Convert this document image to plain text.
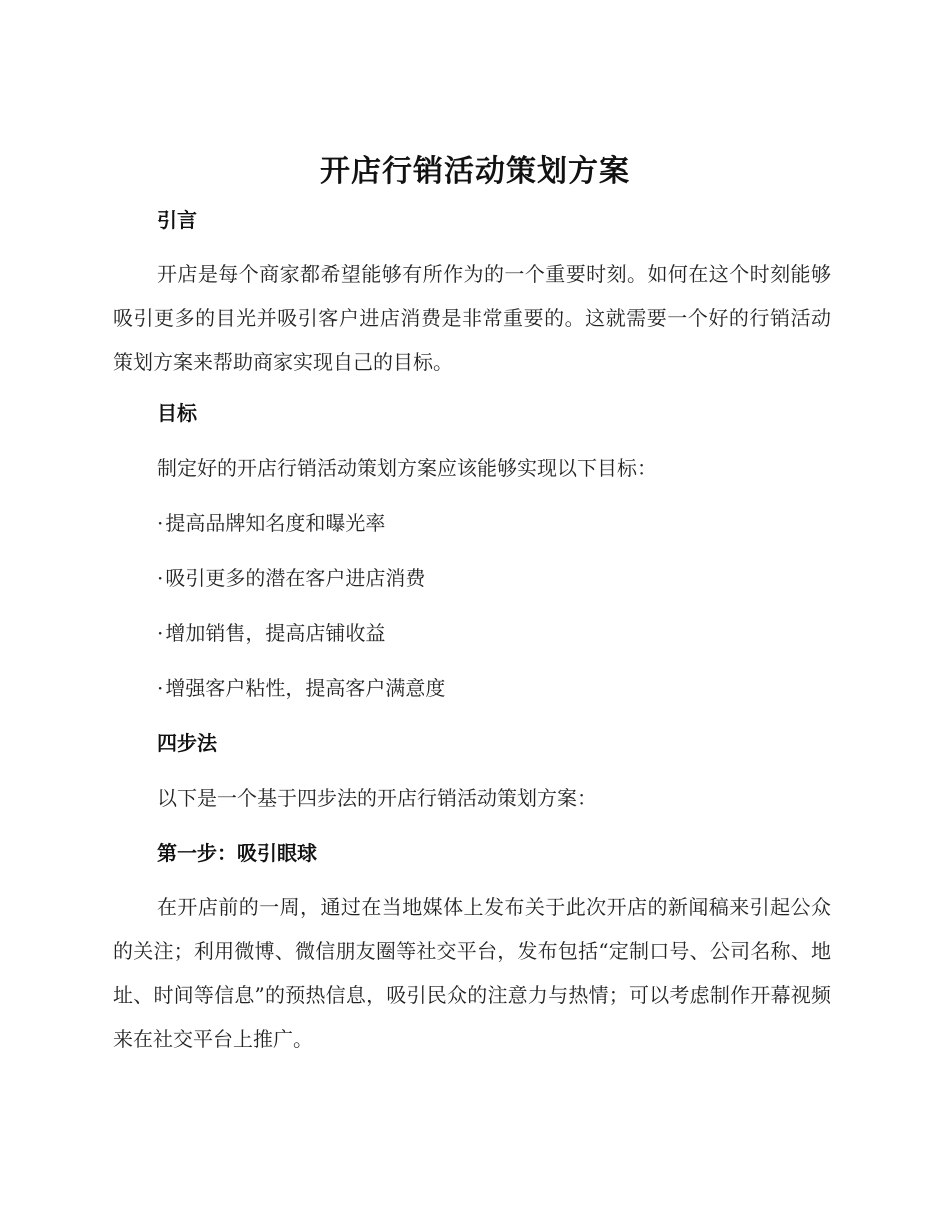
开店行销活动策划方案
引言
开店是每个商家都希望能够有所作为的一个重要时刻。如何在这个时刻能够吸引更多的目光并吸引客户进店消费是非常重要的。这就需要一个好的行销活动策划方案来帮助商家实现自己的目标。
目标
制定好的开店行销活动策划方案应该能够实现以下目标：
· 提高品牌知名度和曝光率
· 吸引更多的潜在客户进店消费
· 增加销售，提高店铺收益
· 增强客户粘性，提高客户满意度
四步法
以下是一个基于四步法的开店行销活动策划方案：
第一步：吸引眼球
在开店前的一周，通过在当地媒体上发布关于此次开店的新闻稿来引起公众的关注；利用微博、微信朋友圈等社交平台，发布包括“定制口号、公司名称、地址、时间等信息”的预热信息，吸引民众的注意力与热情；可以考虑制作开幕视频来在社交平台上推广。
